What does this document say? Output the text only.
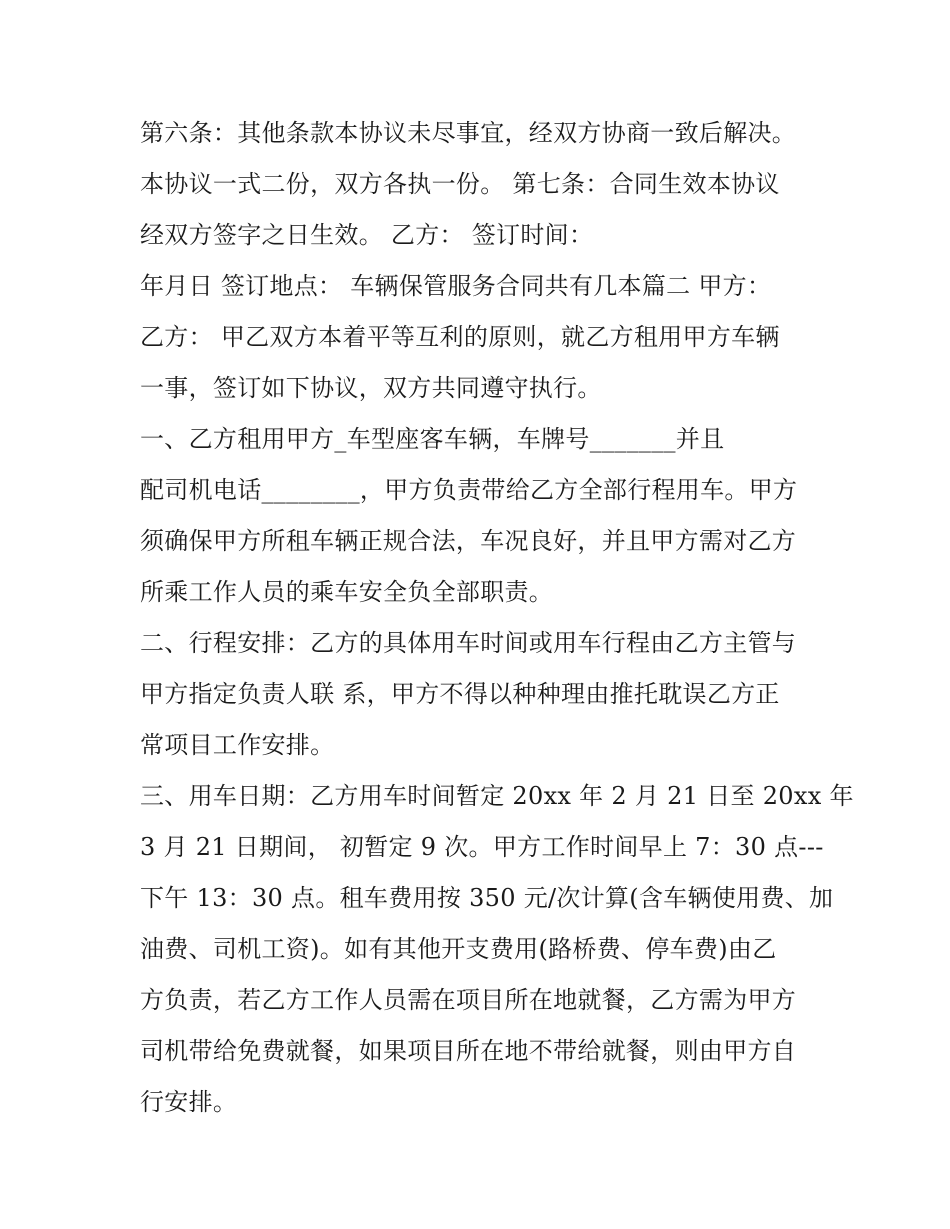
第六条：其他条款本协议未尽事宜，经双方协商一致后解决。
本协议一式二份，双方各执一份。 第七条：合同生效本协议
经双方签字之日生效。 乙方： 签订时间：
年月日 签订地点： 车辆保管服务合同共有几本篇二 甲方：
乙方： 甲乙双方本着平等互利的原则，就乙方租用甲方车辆
一事，签订如下协议，双方共同遵守执行。
一、乙方租用甲方_车型座客车辆，车牌号_______并且
配司机电话________，甲方负责带给乙方全部行程用车。甲方
须确保甲方所租车辆正规合法，车况良好，并且甲方需对乙方
所乘工作人员的乘车安全负全部职责。
二、行程安排：乙方的具体用车时间或用车行程由乙方主管与
甲方指定负责人联 系，甲方不得以种种理由推托耽误乙方正
常项目工作安排。
三、用车日期：乙方用车时间暂定 20xx 年 2 月 21 日至 20xx 年
3 月 21 日期间， 初暂定 9 次。甲方工作时间早上 7：30 点---
下午 13：30 点。租车费用按 350 元/次计算(含车辆使用费、加
油费、司机工资)。如有其他开支费用(路桥费、停车费)由乙
方负责，若乙方工作人员需在项目所在地就餐，乙方需为甲方
司机带给免费就餐，如果项目所在地不带给就餐，则由甲方自
行安排。
